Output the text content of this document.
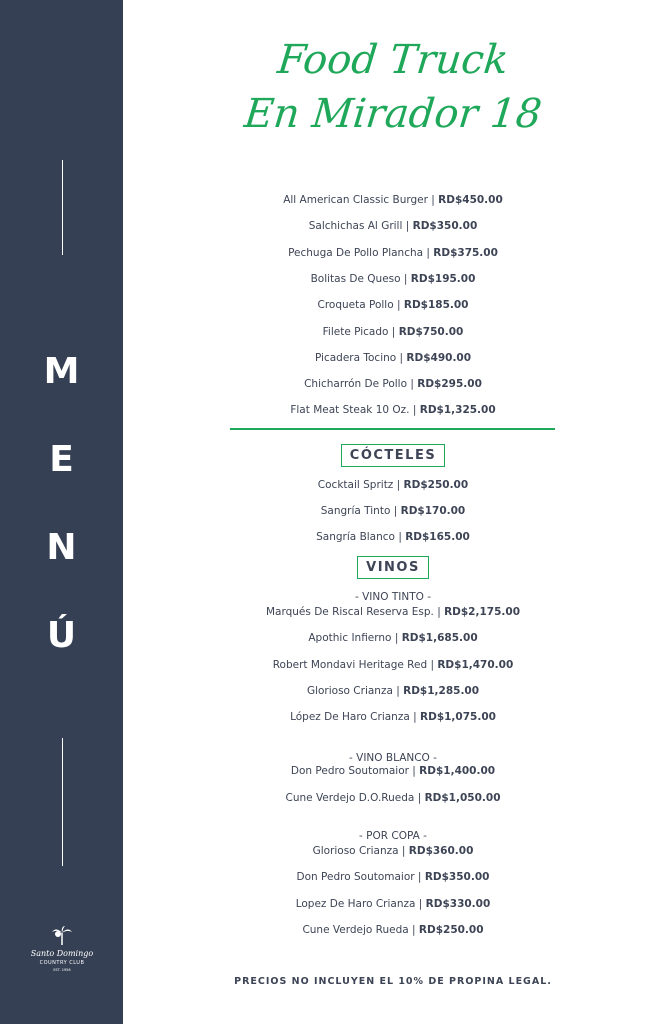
M
E
N
Ú
Santo Domingo
COUNTRY CLUB
EST. 1956
Food Truck
En Mirador 18
All American Classic Burger | RD$450.00
Salchichas Al Grill | RD$350.00
Pechuga De Pollo Plancha | RD$375.00
Bolitas De Queso | RD$195.00
Croqueta Pollo | RD$185.00
Filete Picado | RD$750.00
Picadera Tocino | RD$490.00
Chicharrón De Pollo | RD$295.00
Flat Meat Steak 10 Oz. | RD$1,325.00
CÓCTELES
Cocktail Spritz | RD$250.00
Sangría Tinto | RD$170.00
Sangría Blanco | RD$165.00
VINOS
- VINO TINTO -
Marqués De Riscal Reserva Esp. | RD$2,175.00
Apothic Infierno | RD$1,685.00
Robert Mondavi Heritage Red | RD$1,470.00
Glorioso Crianza | RD$1,285.00
López De Haro Crianza | RD$1,075.00
- VINO BLANCO -
Don Pedro Soutomaior | RD$1,400.00
Cune Verdejo D.O.Rueda | RD$1,050.00
- POR COPA -
Glorioso Crianza | RD$360.00
Don Pedro Soutomaior | RD$350.00
Lopez De Haro Crianza | RD$330.00
Cune Verdejo Rueda | RD$250.00
PRECIOS NO INCLUYEN EL 10% DE PROPINA LEGAL.
